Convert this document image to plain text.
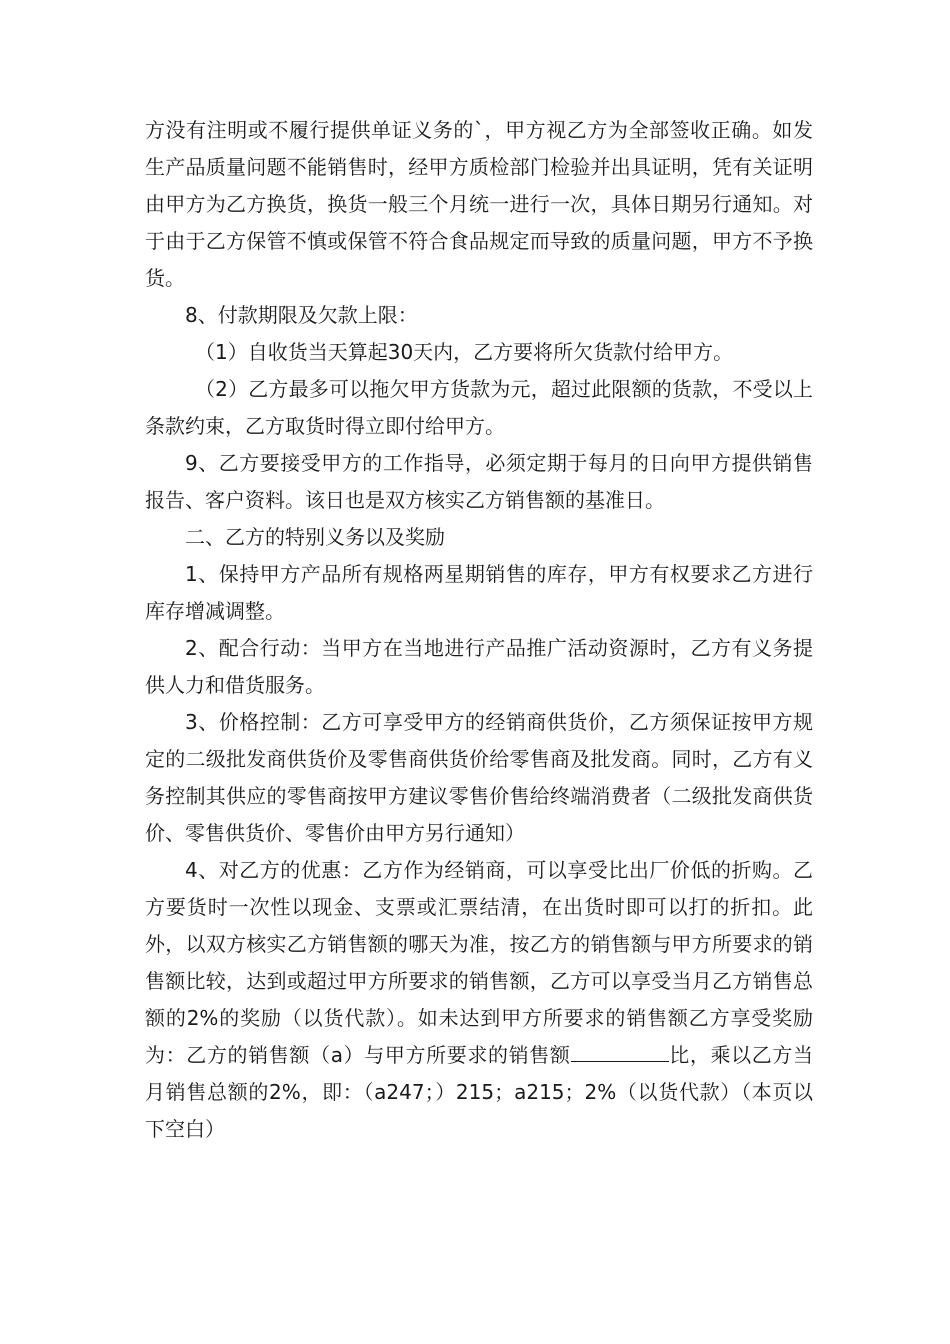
方没有注明或不履行提供单证义务的`，甲方视乙方为全部签收正确。如发生产品质量问题不能销售时，经甲方质检部门检验并出具证明，凭有关证明由甲方为乙方换货，换货一般三个月统一进行一次，具体日期另行通知。对于由于乙方保管不慎或保管不符合食品规定而导致的质量问题，甲方不予换货。

8、付款期限及欠款上限：

（1）自收货当天算起30天内，乙方要将所欠货款付给甲方。

（2）乙方最多可以拖欠甲方货款为元，超过此限额的货款，不受以上条款约束，乙方取货时得立即付给甲方。

9、乙方要接受甲方的工作指导，必须定期于每月的日向甲方提供销售报告、客户资料。该日也是双方核实乙方销售额的基准日。

二、乙方的特别义务以及奖励

1、保持甲方产品所有规格两星期销售的库存，甲方有权要求乙方进行库存增减调整。

2、配合行动：当甲方在当地进行产品推广活动资源时，乙方有义务提供人力和借货服务。

3、价格控制：乙方可享受甲方的经销商供货价，乙方须保证按甲方规定的二级批发商供货价及零售商供货价给零售商及批发商。同时，乙方有义务控制其供应的零售商按甲方建议零售价售给终端消费者（二级批发商供货价、零售供货价、零售价由甲方另行通知）

4、对乙方的优惠：乙方作为经销商，可以享受比出厂价低的折购。乙方要货时一次性以现金、支票或汇票结清，在出货时即可以打的折扣。此外，以双方核实乙方销售额的哪天为准，按乙方的销售额与甲方所要求的销售额比较，达到或超过甲方所要求的销售额，乙方可以享受当月乙方销售总额的2%的奖励（以货代款）。如未达到甲方所要求的销售额乙方享受奖励为：乙方的销售额（a）与甲方所要求的销售额	比，乘以乙方当月销售总额的2%，即：（a247；）215；a215；2%（以货代款）（本页以下空白）
